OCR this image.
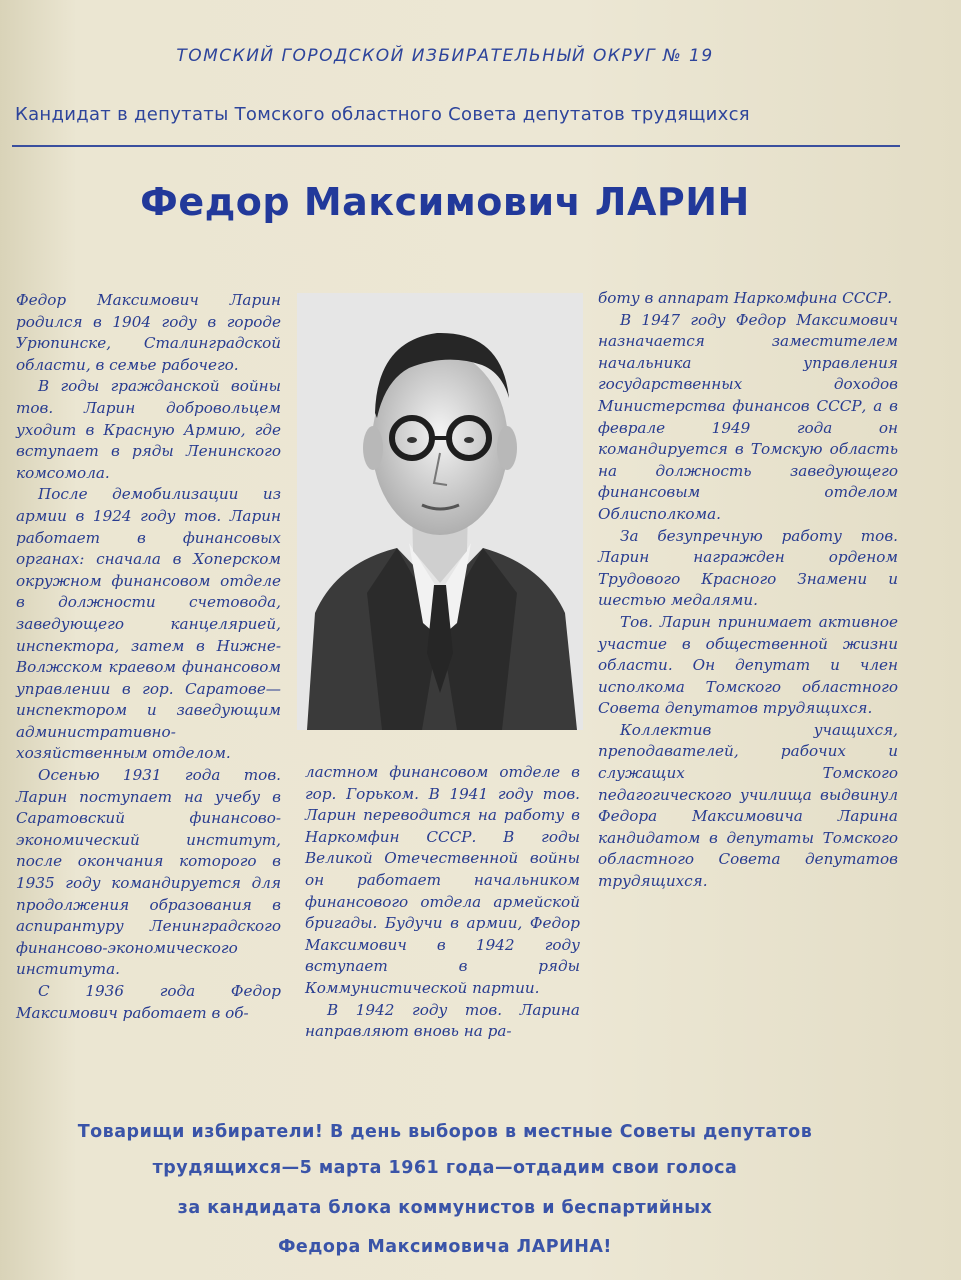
ТОМСКИЙ ГОРОДСКОЙ ИЗБИРАТЕЛЬНЫЙ ОКРУГ № 19
Кандидат в депутаты Томского областного Совета депутатов трудящихся
Федор Максимович ЛАРИН

Федор Максимович Ларин родился в 1904 году в городе Урюпинске, Сталинградской области, в семье рабочего.

В годы гражданской войны тов. Ларин добровольцем уходит в Красную Армию, где вступает в ряды Ленинского комсомола.

После демобилизации из армии в 1924 году тов. Ларин работает в финансовых органах: сначала в Хоперском окружном финансовом отделе в должности счетовода, заведующего канцелярией, инспектора, затем в Нижне-Волжском краевом финансовом управлении в гор. Саратове—инспектором и заведующим административно-хозяйственным отделом.

Осенью 1931 года тов. Ларин поступает на учебу в Саратовский финансово-экономический институт, после окончания которого в 1935 году командируется для продолжения образования в аспирантуру Ленинградского финансово-экономического института.

С 1936 года Федор Максимович работает в об-

ластном финансовом отделе в гор. Горьком. В 1941 году тов. Ларин переводится на работу в Наркомфин СССР. В годы Великой Отечественной войны он работает начальником финансового отдела армейской бригады. Будучи в армии, Федор Максимович в 1942 году вступает в ряды Коммунистической партии.

В 1942 году тов. Ларина направляют вновь на ра-

боту в аппарат Наркомфина СССР.

В 1947 году Федор Максимович назначается заместителем начальника управления государственных доходов Министерства финансов СССР, а в феврале 1949 года он командируется в Томскую область на должность заведующего финансовым отделом Облисполкома.

За безупречную работу тов. Ларин награжден орденом Трудового Красного Знамени и шестью медалями.

Тов. Ларин принимает активное участие в общественной жизни области. Он депутат и член исполкома Томского областного Совета депутатов трудящихся.

Коллектив учащихся, преподавателей, рабочих и служащих Томского педагогического училища выдвинул Федора Максимовича Ларина кандидатом в депутаты Томского областного Совета депутатов трудящихся.

Товарищи избиратели! В день выборов в местные Советы депутатов
трудящихся—5 марта 1961 года—отдадим свои голоса
за кандидата блока коммунистов и беспартийных
Федора Максимовича ЛАРИНА!
